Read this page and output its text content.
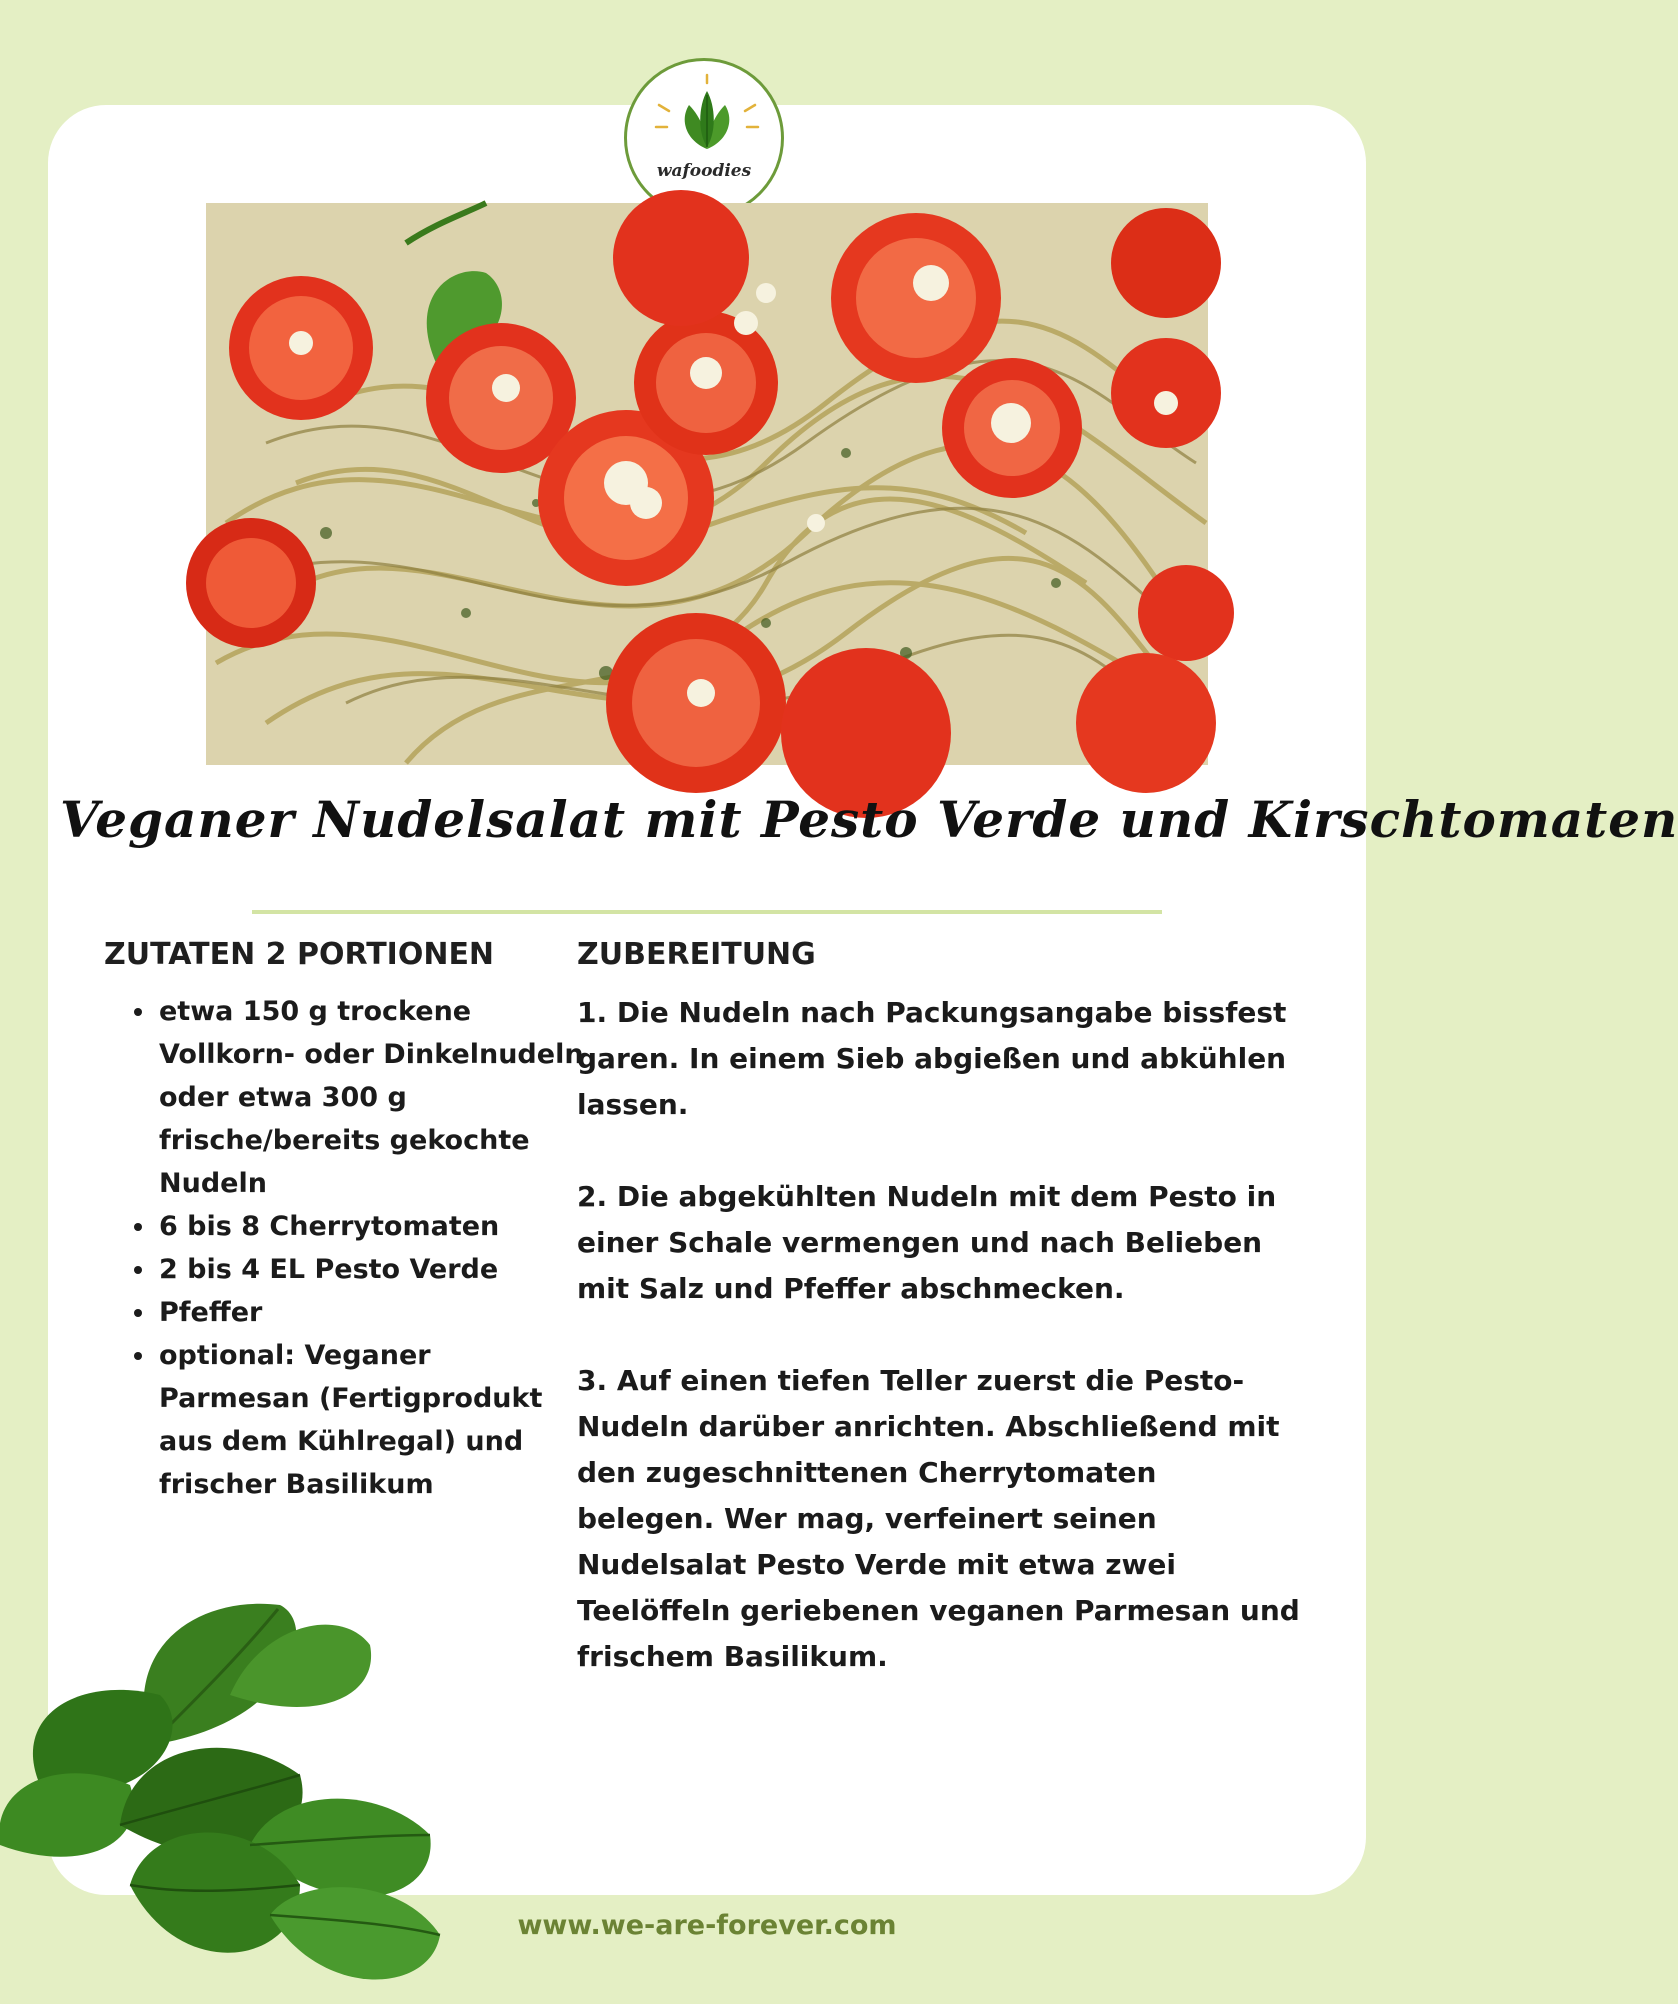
wafoodies
Veganer Nudelsalat mit Pesto Verde und Kirschtomaten
ZUTATEN 2 PORTIONEN	ZUBEREITUNG
• etwa 150 g trockene Vollkorn- oder Dinkelnudeln oder etwa 300 g frische/bereits gekochte Nudeln
• 6 bis 8 Cherrytomaten
• 2 bis 4 EL Pesto Verde
• Pfeffer
• optional: Veganer Parmesan (Fertigprodukt aus dem Kühlregal) und frischer Basilikum

1. Die Nudeln nach Packungsangabe bissfest garen. In einem Sieb abgießen und abkühlen lassen.

2. Die abgekühlten Nudeln mit dem Pesto in einer Schale vermengen und nach Belieben mit Salz und Pfeffer abschmecken.

3. Auf einen tiefen Teller zuerst die Pesto-Nudeln darüber anrichten. Abschließend mit den zugeschnittenen Cherrytomaten belegen. Wer mag, verfeinert seinen Nudelsalat Pesto Verde mit etwa zwei Teelöffeln geriebenen veganen Parmesan und frischem Basilikum.

www.we-are-forever.com
